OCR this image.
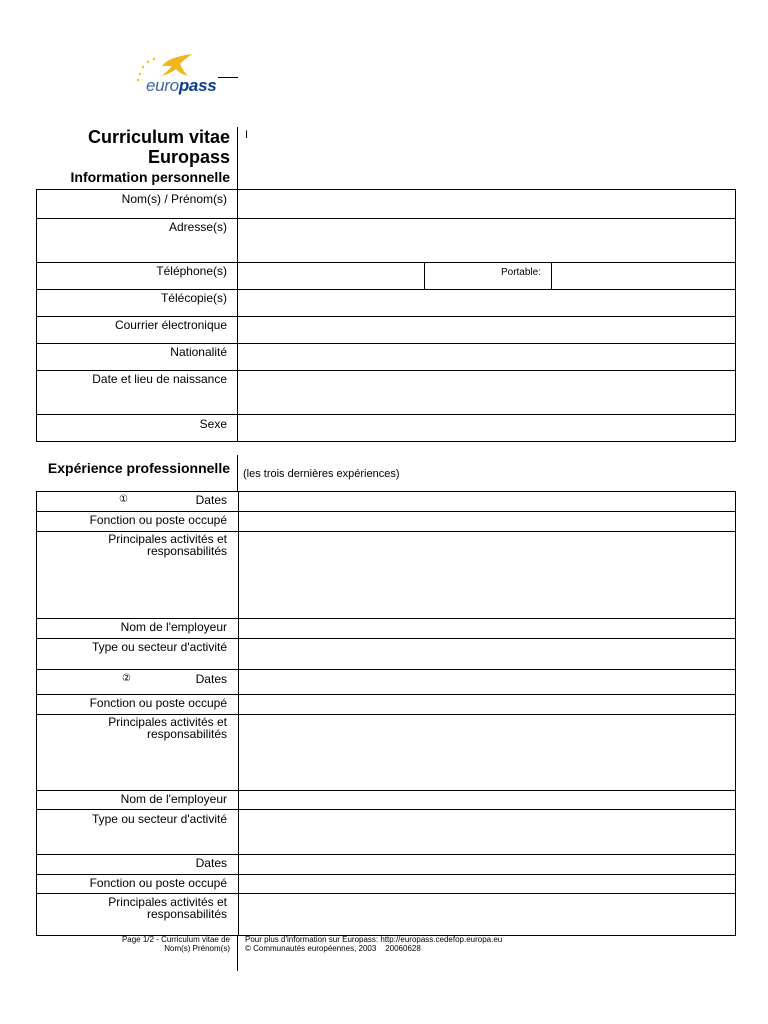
europass
Curriculum vitae
Europass
I
Information personnelle
Nom(s) / Prénom(s)
Adresse(s)
Téléphone(s)	Portable:
Télécopie(s)
Courrier électronique
Nationalité
Date et lieu de naissance
Sexe
Expérience professionnelle (les trois dernières expériences)
①	Dates
Fonction ou poste occupé
Principales activités et
responsabilités
Nom de l'employeur
Type ou secteur d'activité
②	Dates
Fonction ou poste occupé
Principales activités et
responsabilités
Nom de l'employeur
Type ou secteur d'activité
Dates
Fonction ou poste occupé
Principales activités et
responsabilités
Page 1/2 - Curriculum vitae de
Nom(s) Prénom(s)
Pour plus d'information sur Europass: http://europass.cedefop.europa.eu
© Communautés européennes, 2003    20060628
